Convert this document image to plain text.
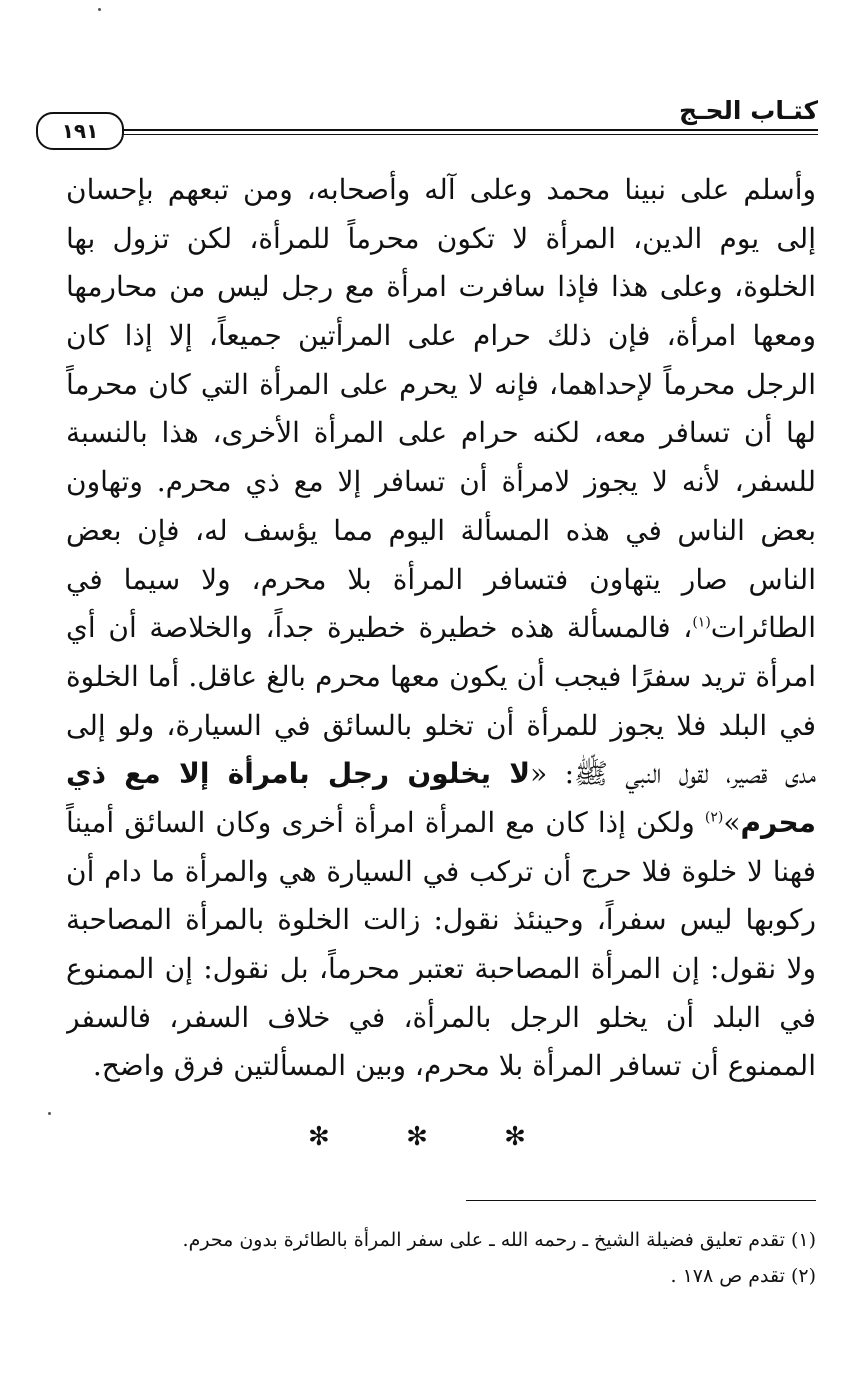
كتـاب الحـج
١٩١
وأسلم على نبينا محمد وعلى آله وأصحابه، ومن تبعهم بإحسان
إلى يوم الدين، المرأة لا تكون محرماً للمرأة، لكن تزول بها
الخلوة، وعلى هذا فإذا سافرت امرأة مع رجل ليس من محارمها
ومعها امرأة، فإن ذلك حرام على المرأتين جميعاً، إلا إذا كان
الرجل محرماً لإحداهما، فإنه لا يحرم على المرأة التي كان محرماً
لها أن تسافر معه، لكنه حرام على المرأة الأخرى، هذا بالنسبة
للسفر، لأنه لا يجوز لامرأة أن تسافر إلا مع ذي محرم. وتهاون
بعض الناس في هذه المسألة اليوم مما يؤسف له، فإن بعض
الناس صار يتهاون فتسافر المرأة بلا محرم، ولا سيما في
الطائرات$^{(١)}$، فالمسألة هذه خطيرة خطيرة جداً، والخلاصة أن أي
امرأة تريد سفرًا فيجب أن يكون معها محرم بالغ عاقل. أما الخلوة
في البلد فلا يجوز للمرأة أن تخلو بالسائق في السيارة، ولو إلى
مدى قصير، لقول النبي ﷺ: «لا يخلون رجل بامرأة إلا مع ذي
محرم»$^{(٢)}$ ولكن إذا كان مع المرأة امرأة أخرى وكان السائق أميناً
فهنا لا خلوة فلا حرج أن تركب في السيارة هي والمرأة ما دام أن
ركوبها ليس سفراً، وحينئذ نقول: زالت الخلوة بالمرأة المصاحبة
ولا نقول: إن المرأة المصاحبة تعتبر محرماً، بل نقول: إن الممنوع
في البلد أن يخلو الرجل بالمرأة، في خلاف السفر، فالسفر
الممنوع أن تسافر المرأة بلا محرم، وبين المسألتين فرق واضح.
✻ ✻ ✻
(١) تقدم تعليق فضيلة الشيخ ـ رحمه الله ـ على سفر المرأة بالطائرة بدون محرم.
(٢) تقدم ص ١٧٨ .
